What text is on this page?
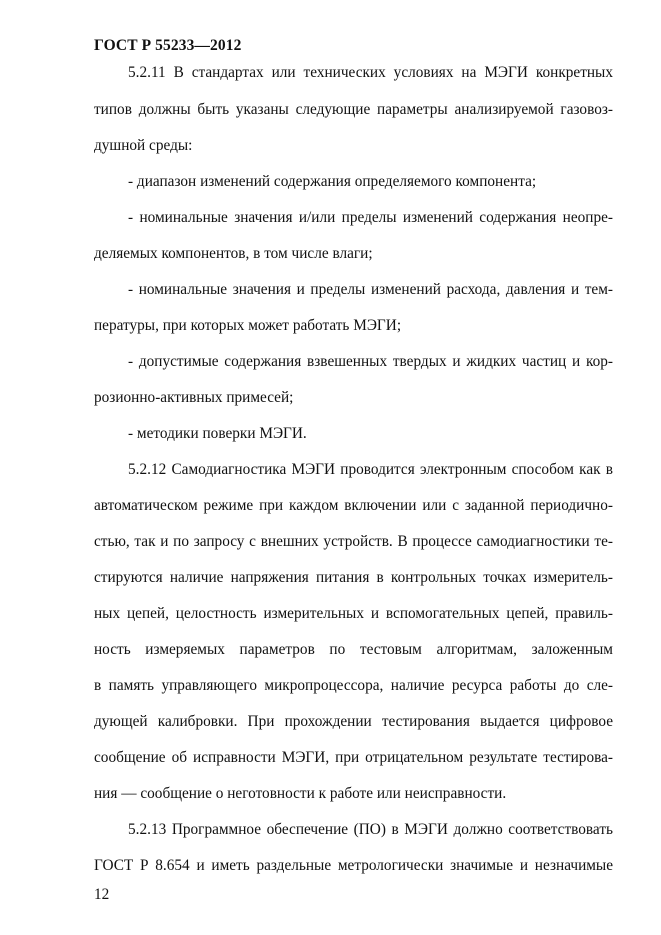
ГОСТ Р 55233—2012
5.2.11 В стандартах или технических условиях на МЭГИ конкретных
типов должны быть указаны следующие параметры анализируемой газовоз-
душной среды:
- диапазон изменений содержания определяемого компонента;
- номинальные значения и/или пределы изменений содержания неопре-
деляемых компонентов, в том числе влаги;
- номинальные значения и пределы изменений расхода, давления и тем-
пературы, при которых может работать МЭГИ;
- допустимые содержания взвешенных твердых и жидких частиц и кор-
розионно-активных примесей;
- методики поверки МЭГИ.
5.2.12 Самодиагностика МЭГИ проводится электронным способом как в
автоматическом режиме при каждом включении или с заданной периодично-
стью, так и по запросу с внешних устройств. В процессе самодиагностики те-
стируются наличие напряжения питания в контрольных точках измеритель-
ных цепей, целостность измерительных и вспомогательных цепей, правиль-
ность измеряемых параметров по тестовым алгоритмам, заложенным
в память управляющего микропроцессора, наличие ресурса работы до сле-
дующей калибровки. При прохождении тестирования выдается цифровое
сообщение об исправности МЭГИ, при отрицательном результате тестирова-
ния — сообщение о неготовности к работе или неисправности.
5.2.13 Программное обеспечение (ПО) в МЭГИ должно соответствовать
ГОСТ Р 8.654 и иметь раздельные метрологически значимые и незначимые
12
